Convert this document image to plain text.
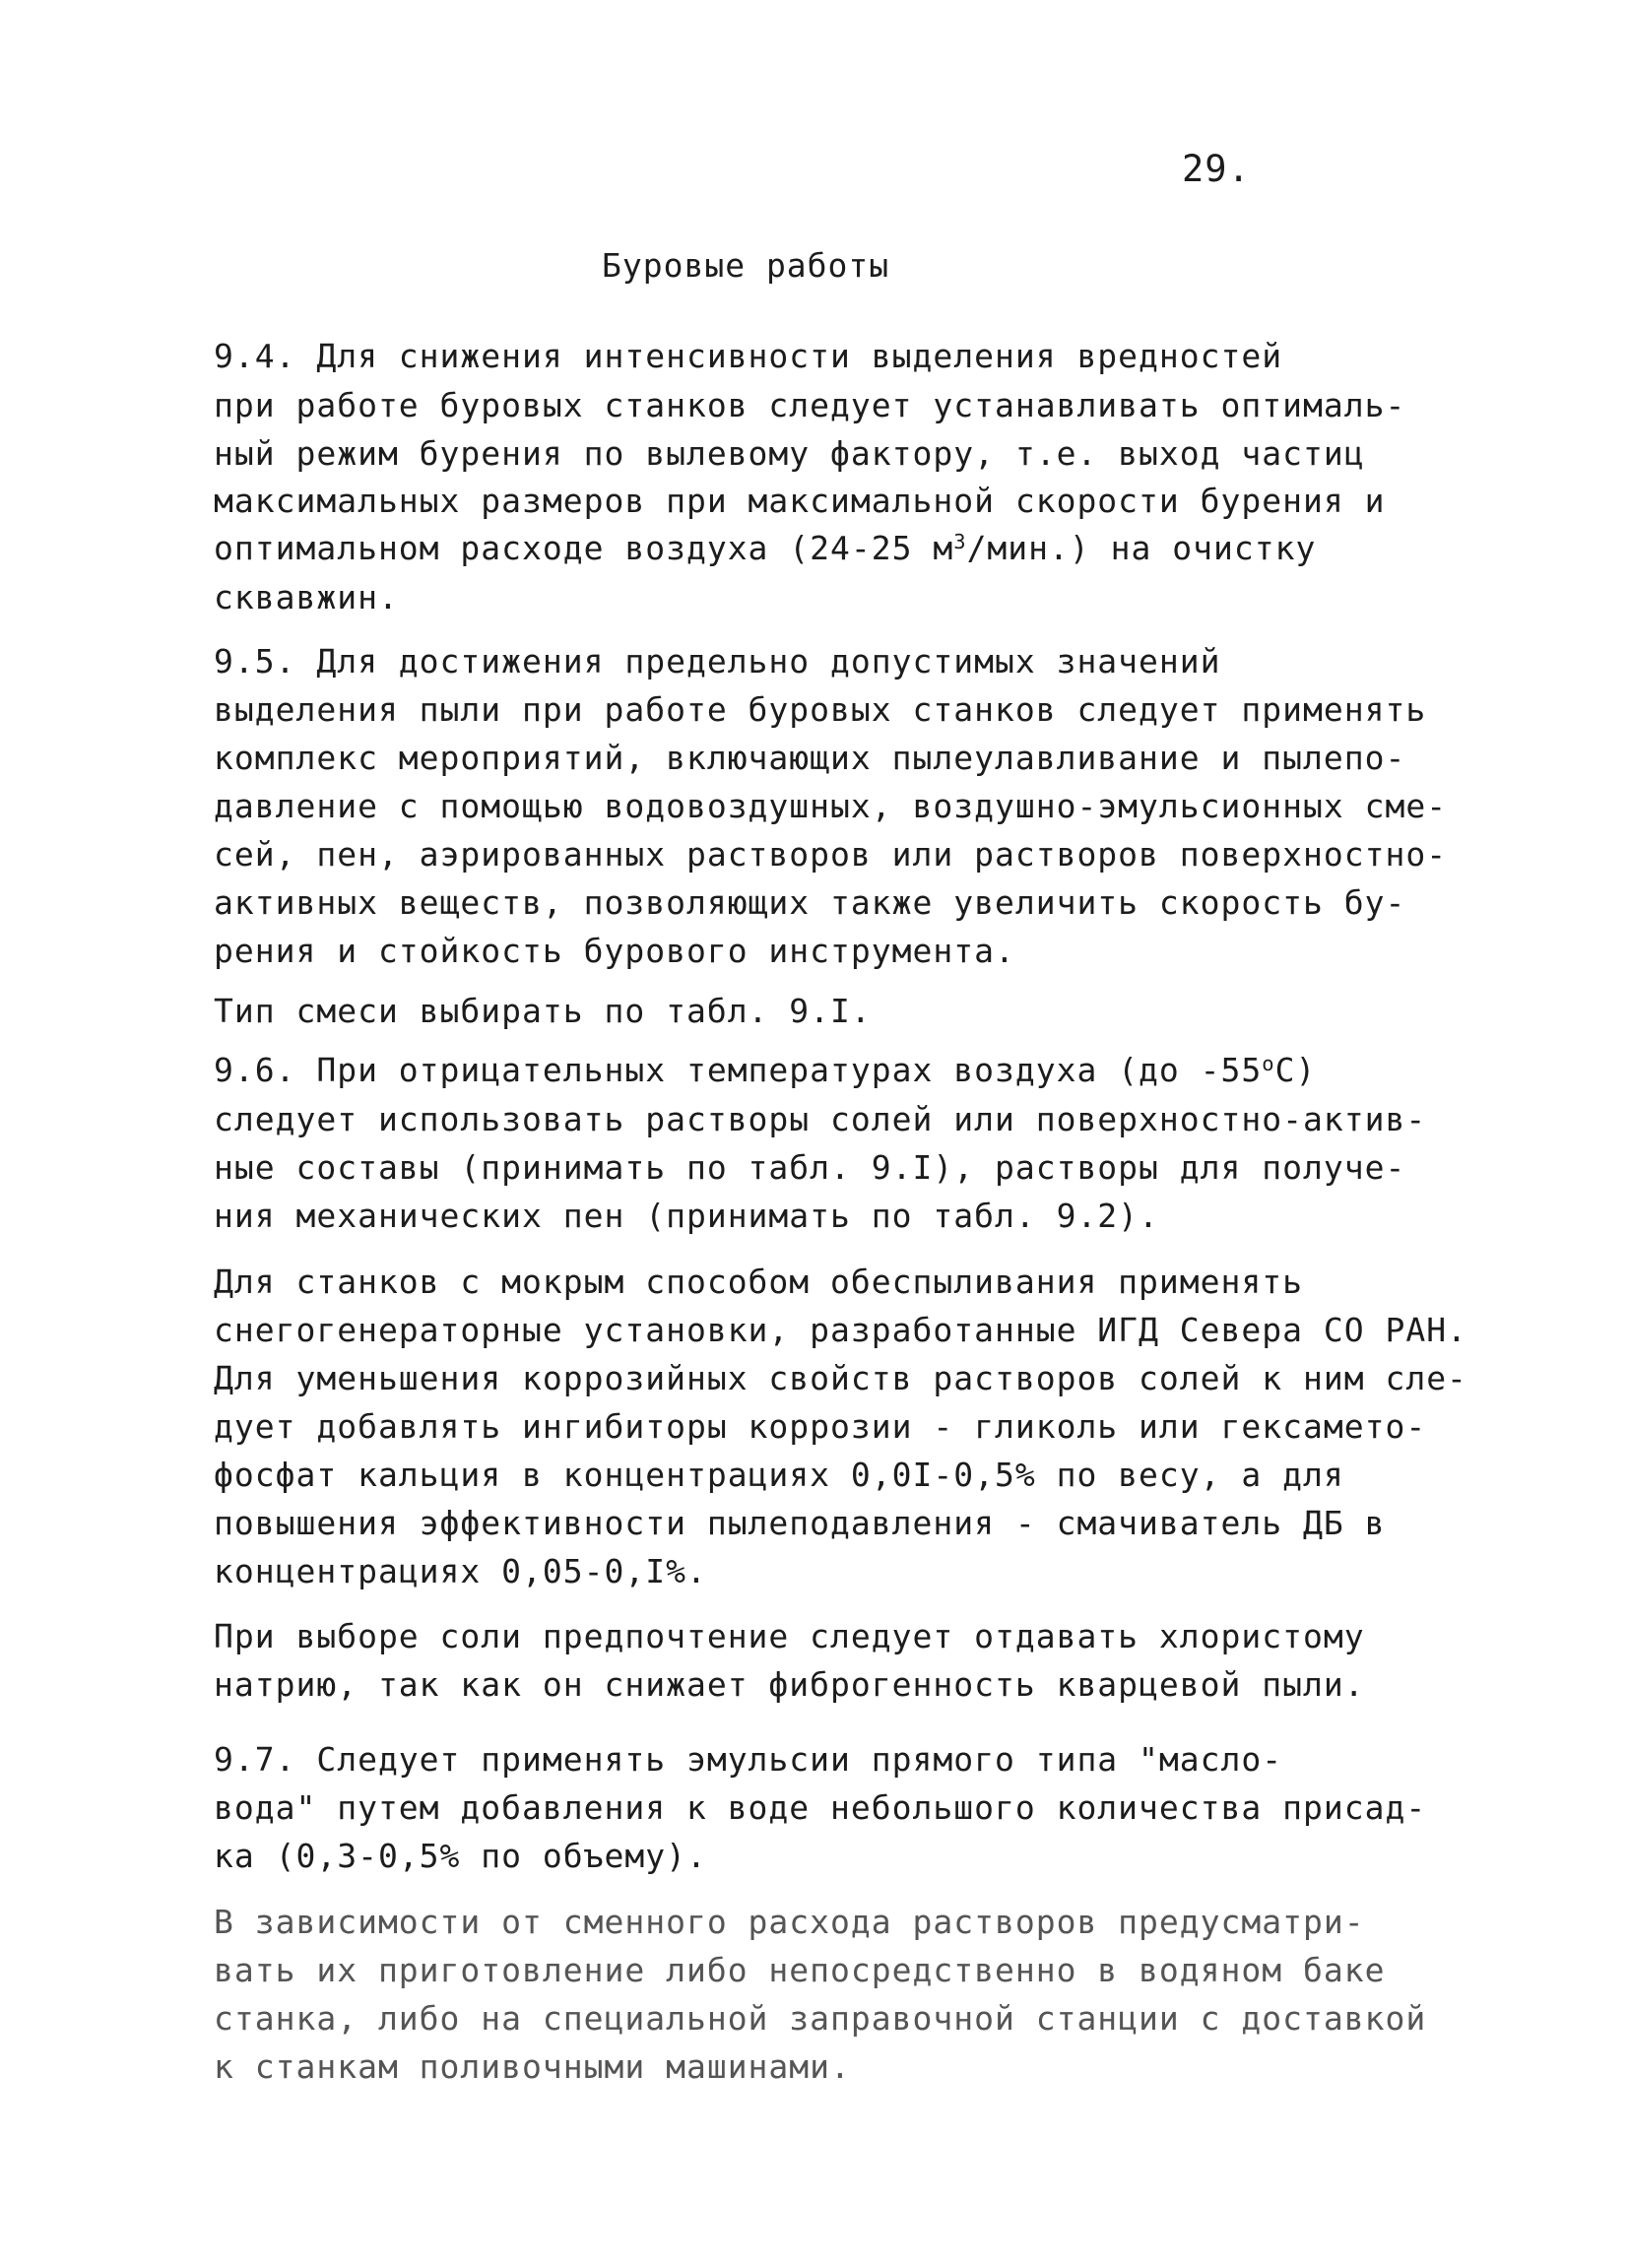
29.
Буровые работы
9.4. Для снижения интенсивности выделения вредностей
при работе буровых станков следует устанавливать оптималь-
ный режим бурения по вылевому фактору, т.е. выход частиц
максимальных размеров при максимальной скорости бурения и
оптимальном расходе воздуха (24-25 $м^3/мин$.) на очистку
сквавжин.
9.5. Для достижения предельно допустимых значений
выделения пыли при работе буровых станков следует применять
комплекс мероприятий, включающих пылеулавливание и пылепо-
давление с помощью водовоздушных, воздушно-эмульсионных сме-
сей, пен, аэрированных растворов или растворов поверхностно-
активных веществ, позволяющих также увеличить скорость бу-
рения и стойкость бурового инструмента.
Тип смеси выбирать по табл. 9.I.
9.6. При отрицательных температурах воздуха (до $-55^оС$)
следует использовать растворы солей или поверхностно-актив-
ные составы (принимать по табл. 9.I), растворы для получе-
ния механических пен (принимать по табл. 9.2).
Для станков с мокрым способом обеспыливания применять
снегогенераторные установки, разработанные ИГД Севера СО РАН.
Для уменьшения коррозийных свойств растворов солей к ним сле-
дует добавлять ингибиторы коррозии - гликоль или гексамето-
фосфат кальция в концентрациях 0,0I-0,5% по весу, а для
повышения эффективности пылеподавления - смачиватель ДБ в
концентрациях 0,05-0,I%.
При выборе соли предпочтение следует отдавать хлористому
натрию, так как он снижает фиброгенность кварцевой пыли.
9.7. Следует применять эмульсии прямого типа "масло-
вода" путем добавления к воде небольшого количества присад-
ка (0,3-0,5% по объему).
В зависимости от сменного расхода растворов предусматри-
вать их приготовление либо непосредственно в водяном баке
станка, либо на специальной заправочной станции с доставкой
к станкам поливочными машинами.
